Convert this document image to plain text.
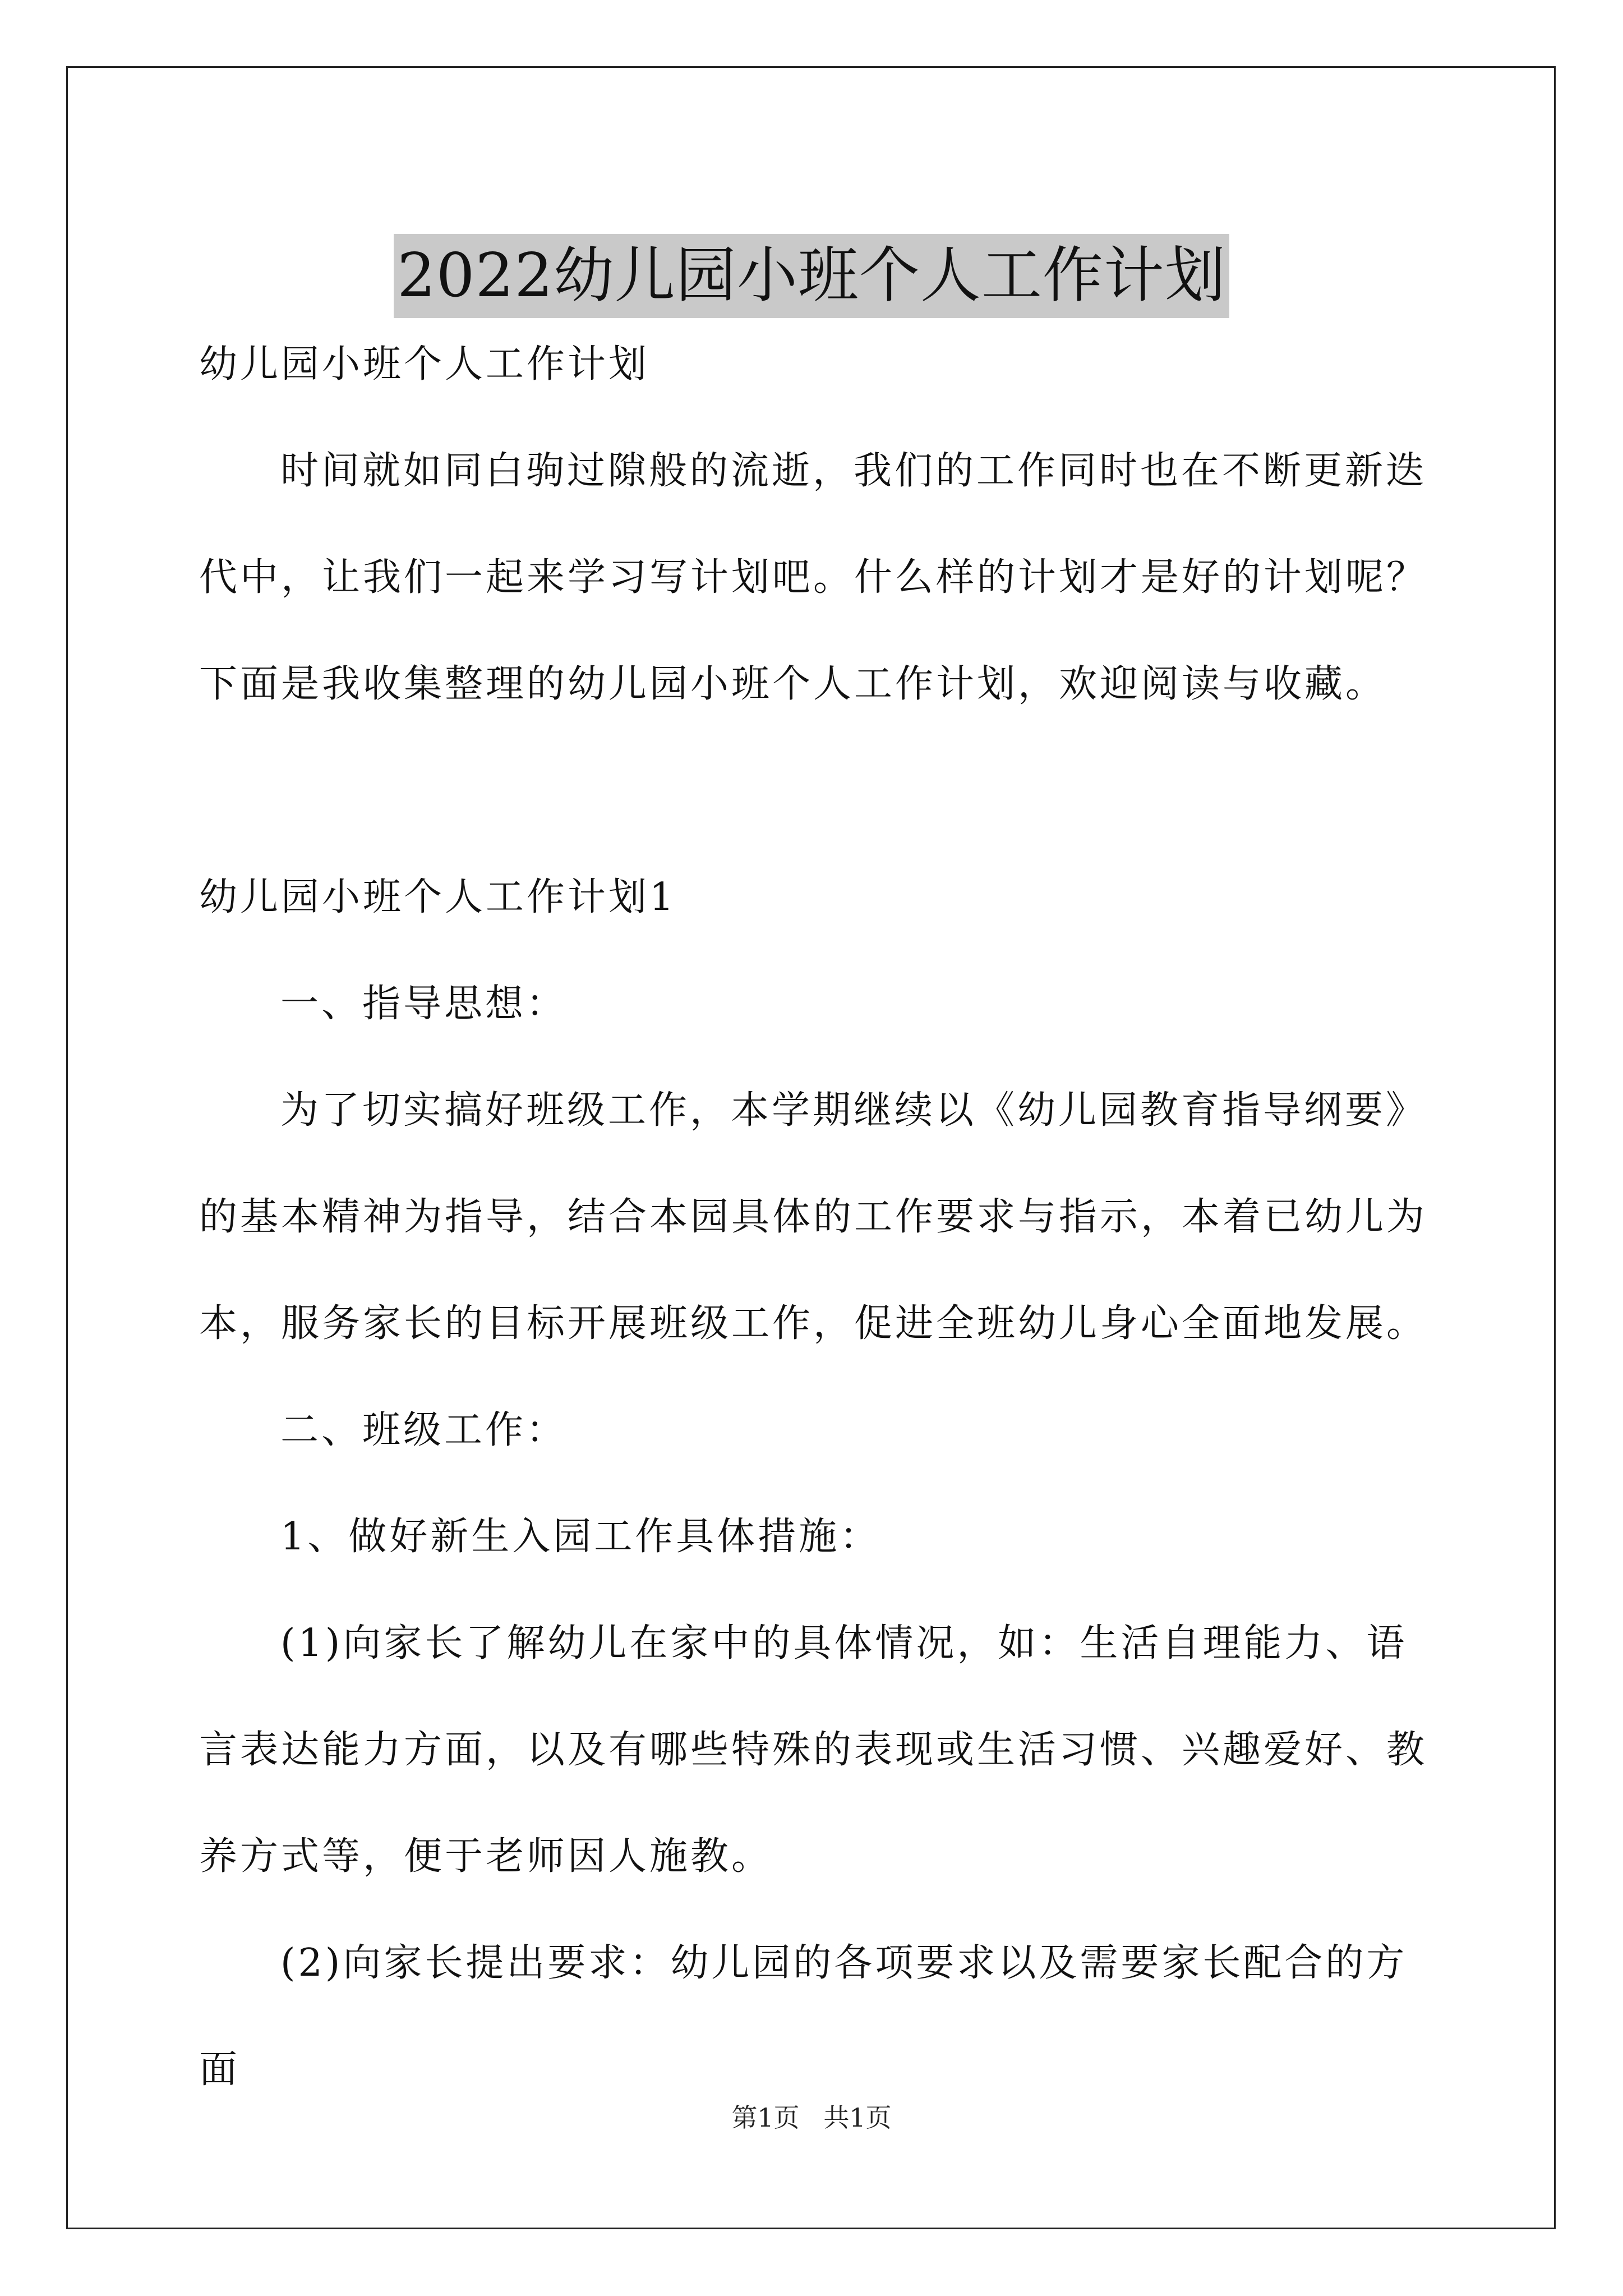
2022幼儿园小班个人工作计划

幼儿园小班个人工作计划

时间就如同白驹过隙般的流逝，我们的工作同时也在不断更新迭代中，让我们一起来学习写计划吧。什么样的计划才是好的计划呢？下面是我收集整理的幼儿园小班个人工作计划，欢迎阅读与收藏。

幼儿园小班个人工作计划1

一、指导思想：

为了切实搞好班级工作，本学期继续以《幼儿园教育指导纲要》的基本精神为指导，结合本园具体的工作要求与指示，本着已幼儿为本，服务家长的目标开展班级工作，促进全班幼儿身心全面地发展。

二、班级工作：

1、做好新生入园工作具体措施：

(1)向家长了解幼儿在家中的具体情况，如：生活自理能力、语言表达能力方面，以及有哪些特殊的表现或生活习惯、兴趣爱好、教养方式等，便于老师因人施教。

(2)向家长提出要求：幼儿园的各项要求以及需要家长配合的方面

第1页 共1页
